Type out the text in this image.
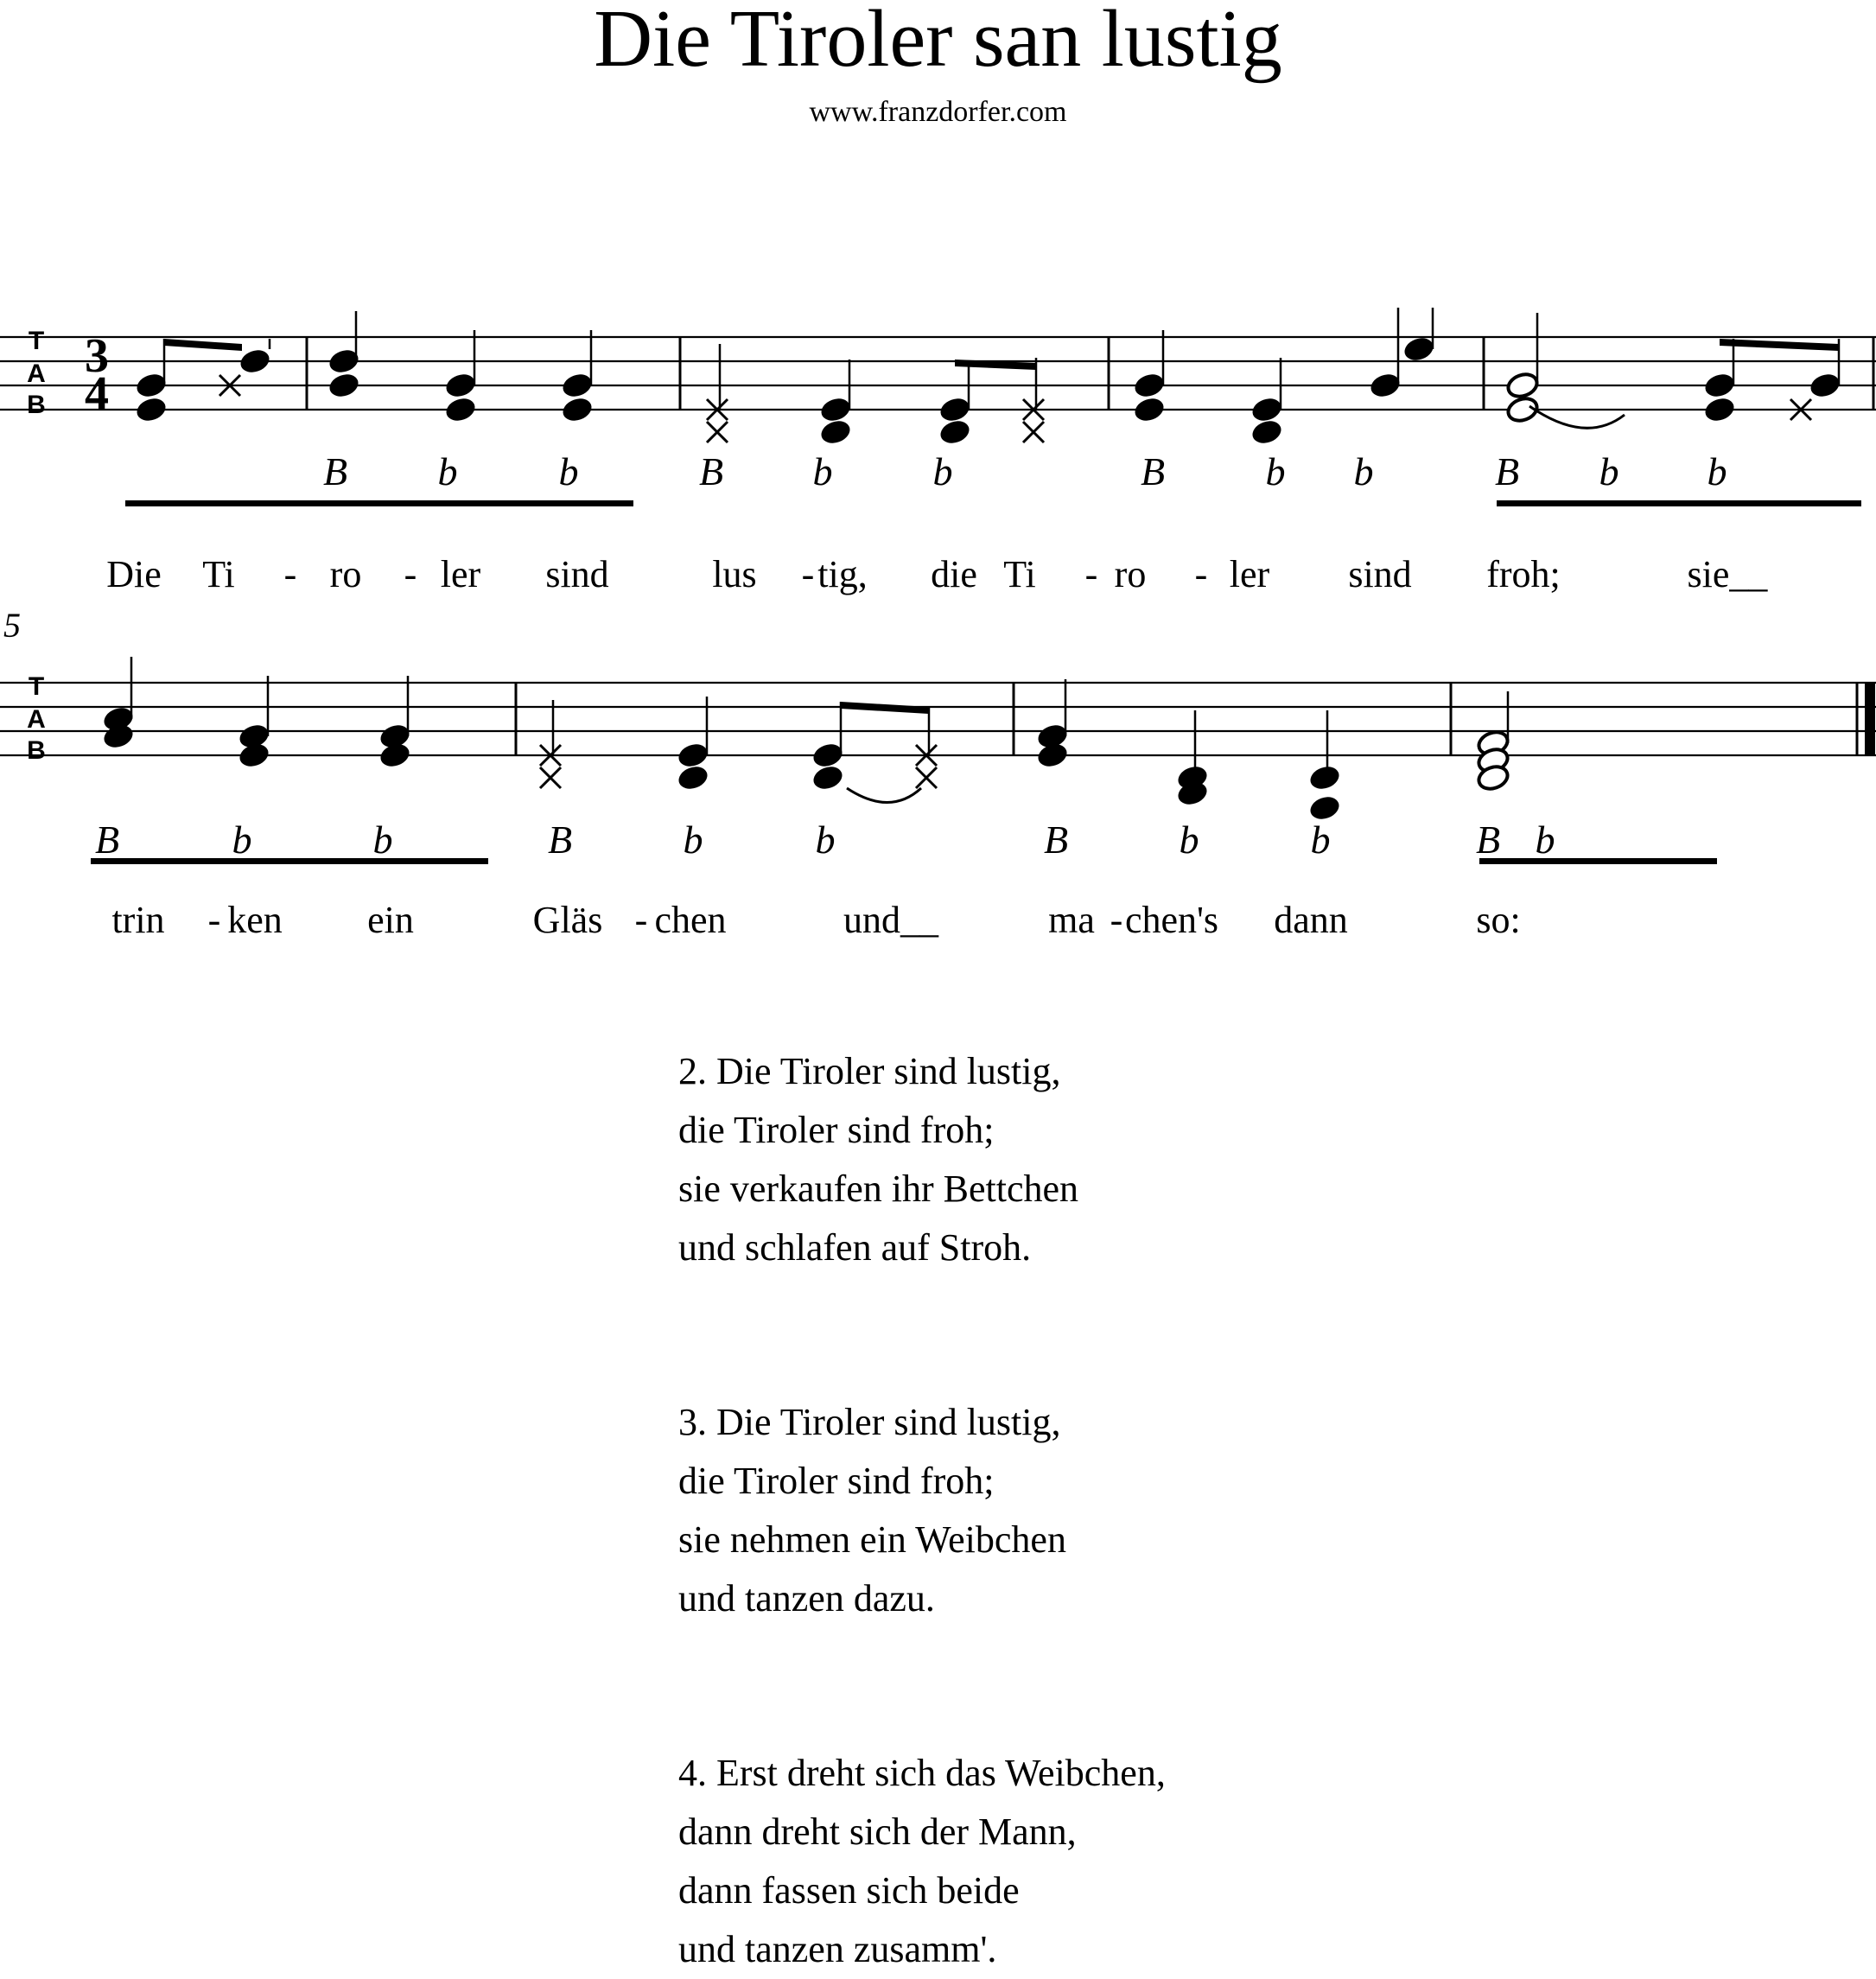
Die Tiroler san lustig
www.franzdorfer.com
T
A
B
T
A
B
3
4
5
B b	b	B b	b	B	b b	B b b
Die Ti - ro - ler sind	lus - tig, die Ti - ro - ler sind froh;	sie__
B	b	b	B	b	b	B	b	b	B b
trin - ken ein	Gläs - chen	und__	ma - chen's dann	so:
2. Die Tiroler sind lustig,
die Tiroler sind froh;
sie verkaufen ihr Bettchen
und schlafen auf Stroh.
3. Die Tiroler sind lustig,
die Tiroler sind froh;
sie nehmen ein Weibchen
und tanzen dazu.
4. Erst dreht sich das Weibchen,
dann dreht sich der Mann,
dann fassen sich beide
und tanzen zusamm'.
